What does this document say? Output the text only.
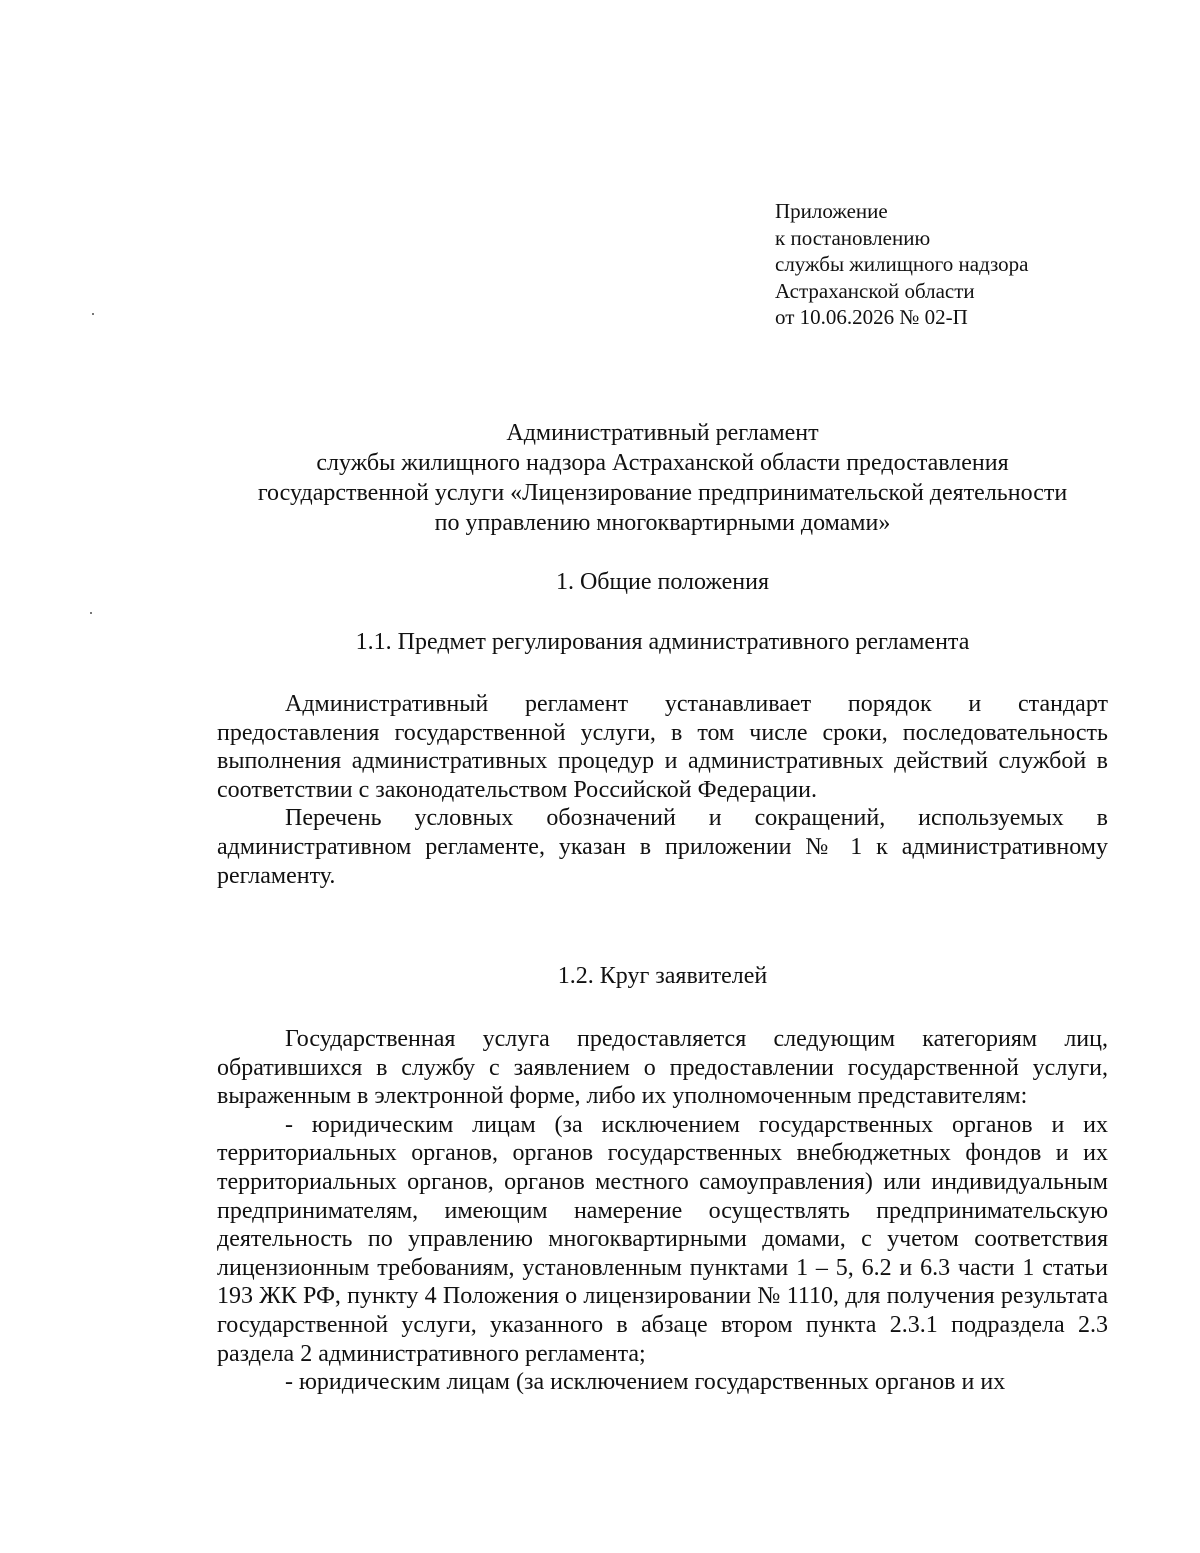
Приложение
к постановлению
службы жилищного надзора
Астраханской области
от 10.06.2026 № 02-П
Административный регламент
службы жилищного надзора Астраханской области предоставления
государственной услуги «Лицензирование предпринимательской деятельности
по управлению многоквартирными домами»
1. Общие положения
1.1. Предмет регулирования административного регламента

Административный регламент устанавливает порядок и стандарт предоставления государственной услуги, в том числе сроки, последовательность выполнения административных процедур и административных действий службой в соответствии с законодательством Российской Федерации.

Перечень условных обозначений и сокращений, используемых в административном регламенте, указан в приложении № 1 к административному регламенту.

1.2. Круг заявителей

Государственная услуга предоставляется следующим категориям лиц, обратившихся в службу с заявлением о предоставлении государственной услуги, выраженным в электронной форме, либо их уполномоченным представителям:

- юридическим лицам (за исключением государственных органов и их территориальных органов, органов государственных внебюджетных фондов и их территориальных органов, органов местного самоуправления) или индивидуальным предпринимателям, имеющим намерение осуществлять предпринимательскую деятельность по управлению многоквартирными домами, с учетом соответствия лицензионным требованиям, установленным пунктами 1 – 5, 6.2 и 6.3 части 1 статьи 193 ЖК РФ, пункту 4 Положения о лицензировании № 1110, для получения результата государственной услуги, указанного в абзаце втором пункта 2.3.1 подраздела 2.3 раздела 2 административного регламента;

- юридическим лицам (за исключением государственных органов и их
